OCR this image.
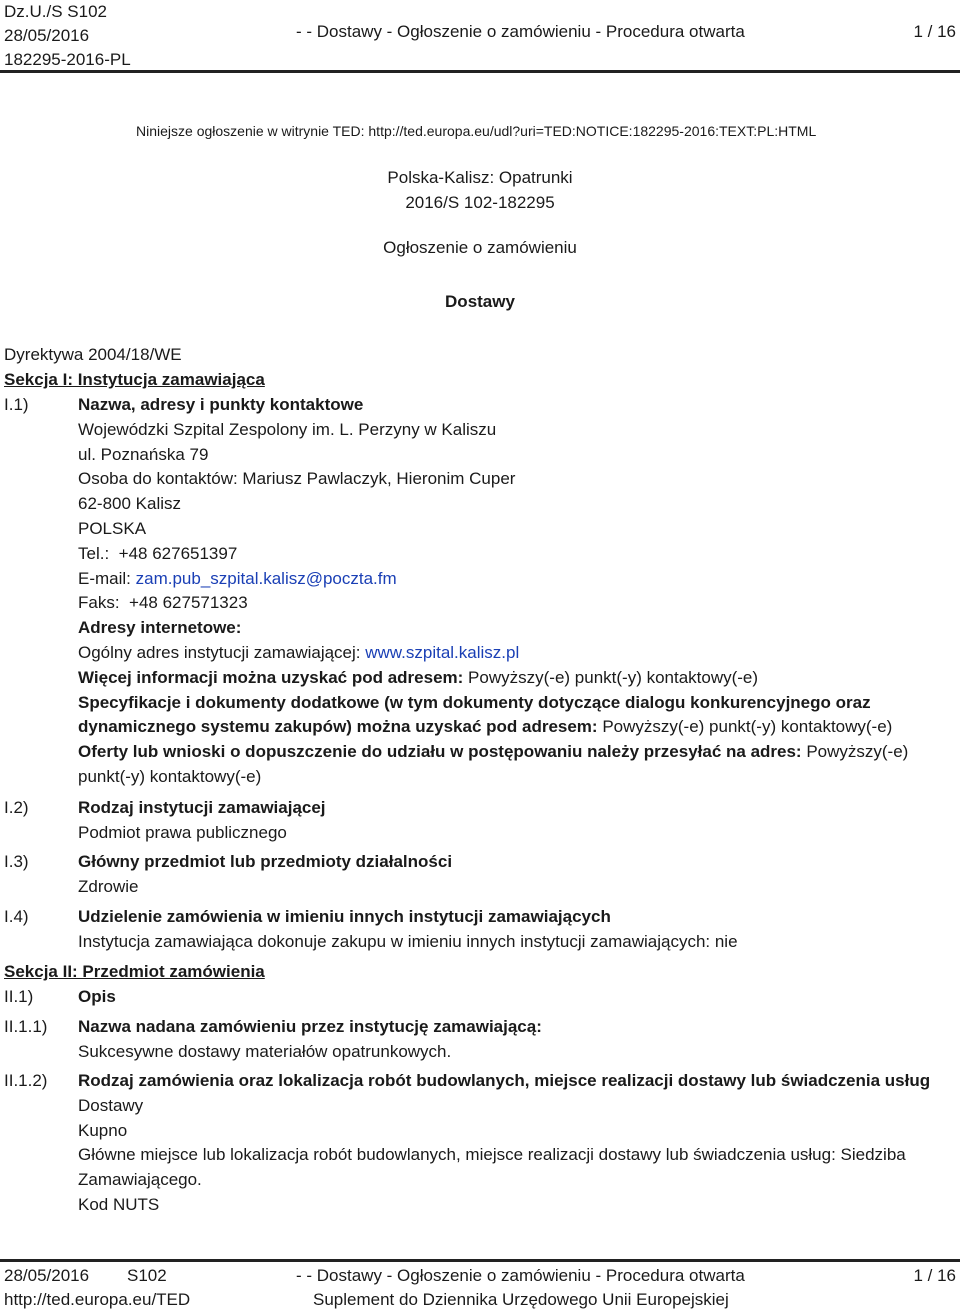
Dz.U./S S102
28/05/2016
182295-2016-PL
- - Dostawy - Ogłoszenie o zamówieniu - Procedura otwarta	1 / 16
Niniejsze ogłoszenie w witrynie TED: http://ted.europa.eu/udl?uri=TED:NOTICE:182295-2016:TEXT:PL:HTML
Polska-Kalisz: Opatrunki
2016/S 102-182295
Ogłoszenie o zamówieniu
Dostawy
Dyrektywa 2004/18/WE
Sekcja I: Instytucja zamawiająca
I.1)	Nazwa, adresy i punkty kontaktowe
Wojewódzki Szpital Zespolony im. L. Perzyny w Kaliszu
ul. Poznańska 79
Osoba do kontaktów: Mariusz Pawlaczyk, Hieronim Cuper
62-800 Kalisz
POLSKA
Tel.: +48 627651397
E-mail: zam.pub_szpital.kalisz@poczta.fm
Faks: +48 627571323
Adresy internetowe:
Ogólny adres instytucji zamawiającej: www.szpital.kalisz.pl
Więcej informacji można uzyskać pod adresem: Powyższy(-e) punkt(-y) kontaktowy(-e)
Specyfikacje i dokumenty dodatkowe (w tym dokumenty dotyczące dialogu konkurencyjnego oraz dynamicznego systemu zakupów) można uzyskać pod adresem: Powyższy(-e) punkt(-y) kontaktowy(-e)
Oferty lub wnioski o dopuszczenie do udziału w postępowaniu należy przesyłać na adres: Powyższy(-e) punkt(-y) kontaktowy(-e)
I.2)	Rodzaj instytucji zamawiającej
Podmiot prawa publicznego
I.3)	Główny przedmiot lub przedmioty działalności
Zdrowie
I.4)	Udzielenie zamówienia w imieniu innych instytucji zamawiających
Instytucja zamawiająca dokonuje zakupu w imieniu innych instytucji zamawiających: nie
Sekcja II: Przedmiot zamówienia
II.1)	Opis
II.1.1) Nazwa nadana zamówieniu przez instytucję zamawiającą:
Sukcesywne dostawy materiałów opatrunkowych.
II.1.2) Rodzaj zamówienia oraz lokalizacja robót budowlanych, miejsce realizacji dostawy lub świadczenia usług
Dostawy
Kupno
Główne miejsce lub lokalizacja robót budowlanych, miejsce realizacji dostawy lub świadczenia usług: Siedziba Zamawiającego.
Kod NUTS
28/05/2016 S102
http://ted.europa.eu/TED
- - Dostawy - Ogłoszenie o zamówieniu - Procedura otwarta
Suplement do Dziennika Urzędowego Unii Europejskiej
1 / 16
